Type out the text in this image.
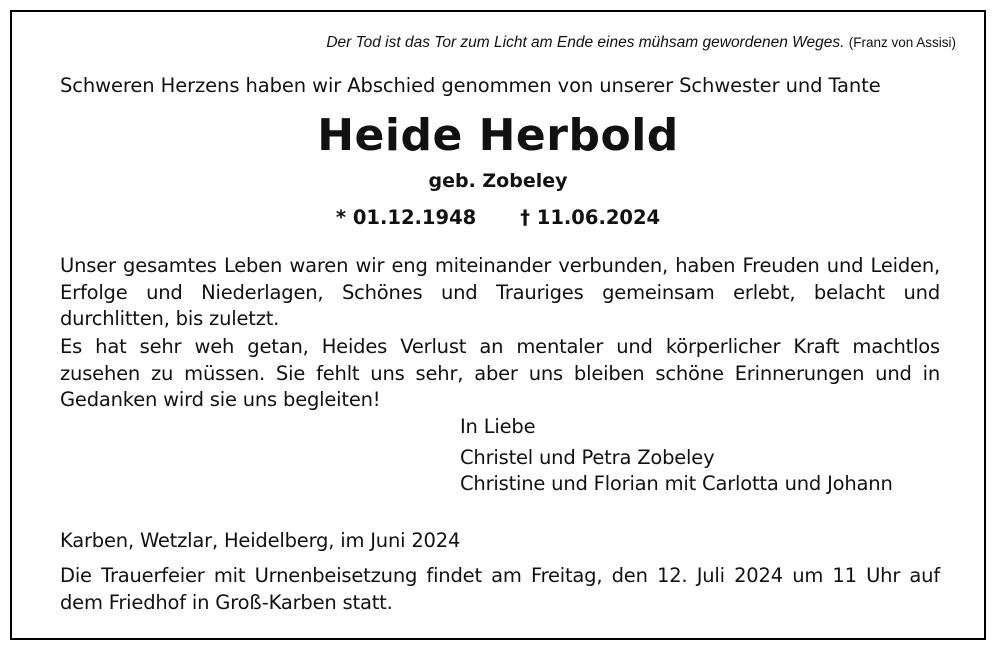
Der Tod ist das Tor zum Licht am Ende eines mühsam gewordenen Weges. (Franz von Assisi)
Schweren Herzens haben wir Abschied genommen von unserer Schwester und Tante
Heide Herbold
geb. Zobeley
* 01.12.1948 † 11.06.2024
Unser gesamtes Leben waren wir eng miteinander verbunden, haben Freuden und Leiden, Erfolge und Niederlagen, Schönes und Trauriges gemeinsam erlebt, belacht und durchlitten, bis zuletzt.
Es hat sehr weh getan, Heides Verlust an mentaler und körperlicher Kraft machtlos zusehen zu müssen. Sie fehlt uns sehr, aber uns bleiben schöne Erinnerungen und in Gedanken wird sie uns begleiten!
In Liebe
Christel und Petra Zobeley
Christine und Florian mit Carlotta und Johann
Karben, Wetzlar, Heidelberg, im Juni 2024
Die Trauerfeier mit Urnenbeisetzung findet am Freitag, den 12. Juli 2024 um 11 Uhr auf dem Friedhof in Groß-Karben statt.
